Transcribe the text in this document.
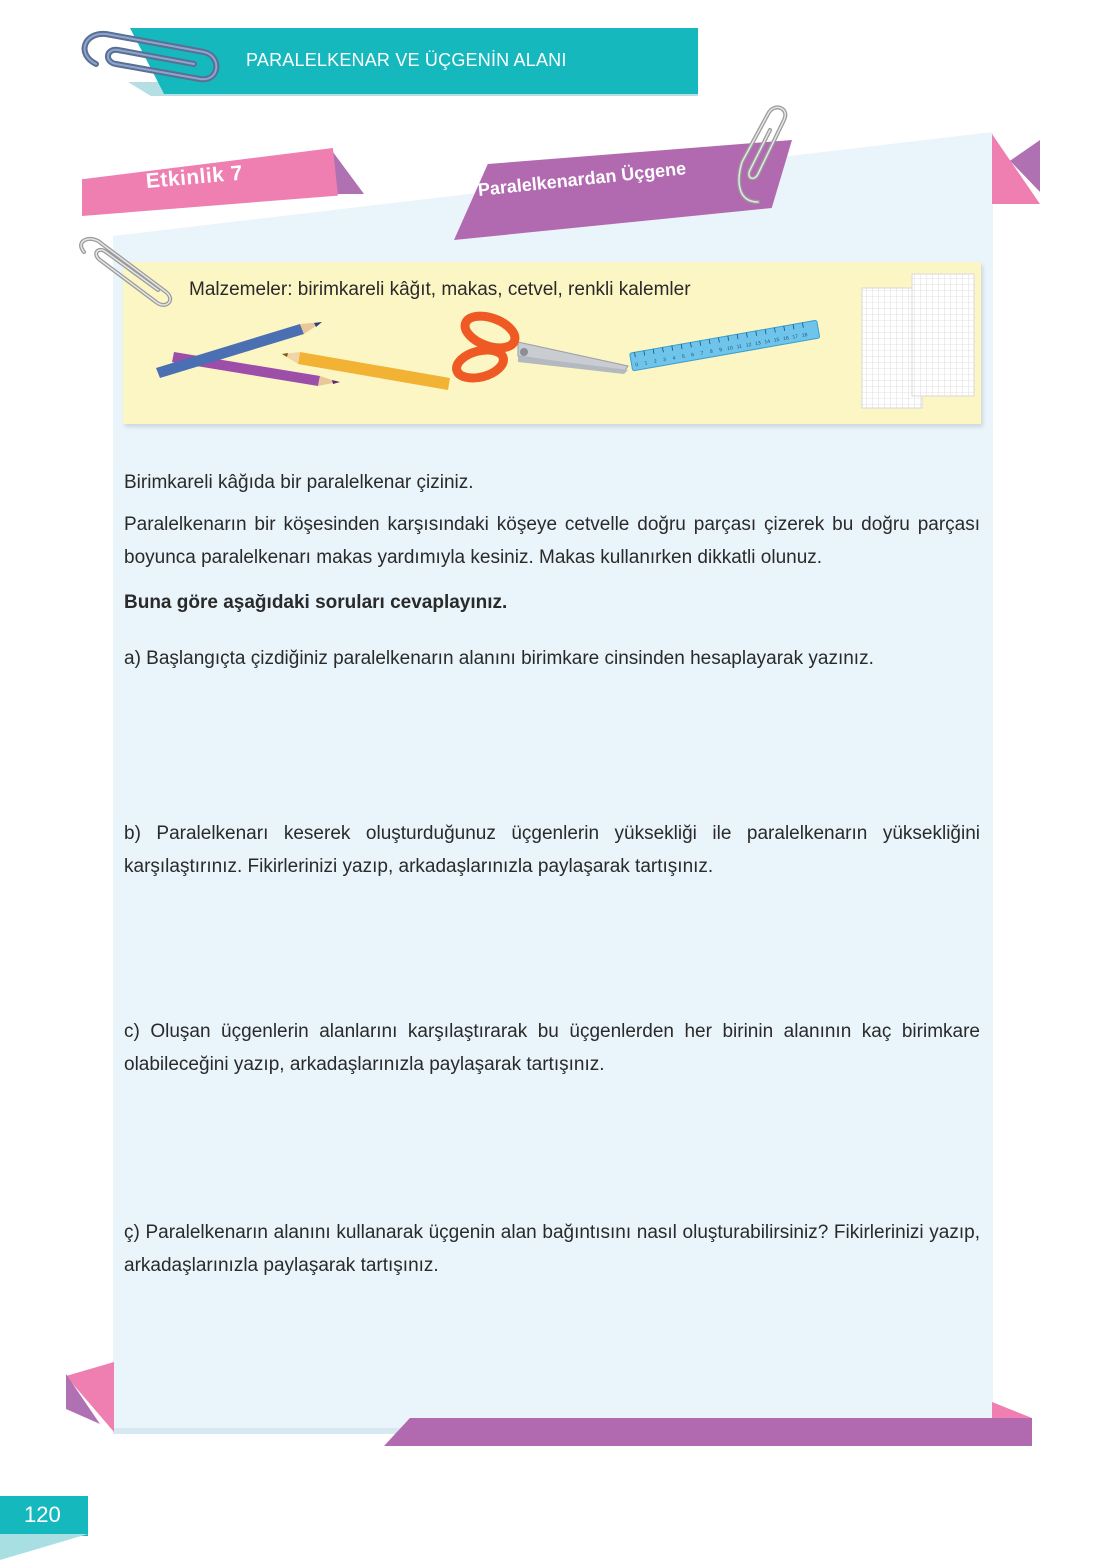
PARALELKENAR VE ÜÇGENİN ALANI
Etkinlik 7	Paralelkenardan Üçgene
Malzemeler: birimkareli kâğıt, makas, cetvel, renkli kalemler
0 1 2 3 4 5 6 7 8 9 10 11 12 13 14 15 16 17 18
Birimkareli kâğıda bir paralelkenar çiziniz.
Paralelkenarın bir köşesinden karşısındaki köşeye cetvelle doğru parçası çizerek bu doğru parçası boyunca paralelkenarı makas yardımıyla kesiniz. Makas kullanırken dikkatli olunuz.
Buna göre aşağıdaki soruları cevaplayınız.
a) Başlangıçta çizdiğiniz paralelkenarın alanını birimkare cinsinden hesaplayarak yazınız.
b) Paralelkenarı keserek oluşturduğunuz üçgenlerin yüksekliği ile paralelkenarın yüksekliğini karşılaştırınız. Fikirlerinizi yazıp, arkadaşlarınızla paylaşarak tartışınız.
c) Oluşan üçgenlerin alanlarını karşılaştırarak bu üçgenlerden her birinin alanının kaç birimkare olabileceğini yazıp, arkadaşlarınızla paylaşarak tartışınız.
ç) Paralelkenarın alanını kullanarak üçgenin alan bağıntısını nasıl oluşturabilirsiniz? Fikirlerinizi yazıp, arkadaşlarınızla paylaşarak tartışınız.
120
